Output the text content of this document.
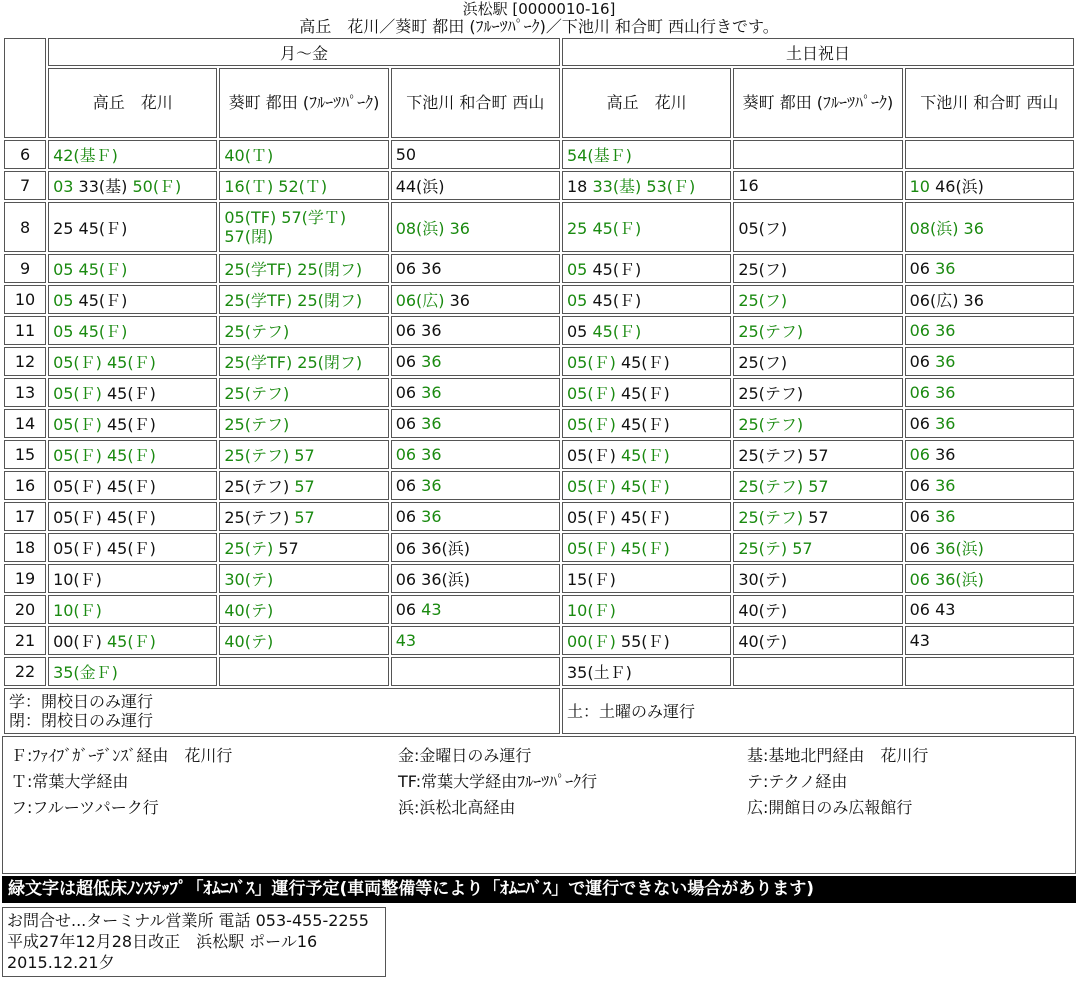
浜松駅 [0000010-16]
高丘　花川／葵町 都田 (ﾌﾙｰﾂﾊﾟｰｸ)／下池川 和合町 西山行きです。
	月～金			土日祝日		
	高丘　花川	葵町 都田 (ﾌﾙｰﾂﾊﾟｰｸ)	下池川 和合町 西山	高丘　花川	葵町 都田 (ﾌﾙｰﾂﾊﾟｰｸ)	下池川 和合町 西山
6	42(基Ｆ)	40(Ｔ)	50	54(基Ｆ)		
7	03 33(基) 50(Ｆ)	16(Ｔ) 52(Ｔ)	44(浜)	18 33(基) 53(Ｆ)	16	10 46(浜)
8	25 45(Ｆ)	05(TF) 57(学Ｔ) 57(閉)	08(浜) 36	25 45(Ｆ)	05(フ)	08(浜) 36
9	05 45(Ｆ)	25(学TF) 25(閉フ)	06 36	05 45(Ｆ)	25(フ)	06 36
10	05 45(Ｆ)	25(学TF) 25(閉フ)	06(広) 36	05 45(Ｆ)	25(フ)	06(広) 36
11	05 45(Ｆ)	25(テフ)	06 36	05 45(Ｆ)	25(テフ)	06 36
12	05(Ｆ) 45(Ｆ)	25(学TF) 25(閉フ)	06 36	05(Ｆ) 45(Ｆ)	25(フ)	06 36
13	05(Ｆ) 45(Ｆ)	25(テフ)	06 36	05(Ｆ) 45(Ｆ)	25(テフ)	06 36
14	05(Ｆ) 45(Ｆ)	25(テフ)	06 36	05(Ｆ) 45(Ｆ)	25(テフ)	06 36
15	05(Ｆ) 45(Ｆ)	25(テフ) 57	06 36	05(Ｆ) 45(Ｆ)	25(テフ) 57	06 36
16	05(Ｆ) 45(Ｆ)	25(テフ) 57	06 36	05(Ｆ) 45(Ｆ)	25(テフ) 57	06 36
17	05(Ｆ) 45(Ｆ)	25(テフ) 57	06 36	05(Ｆ) 45(Ｆ)	25(テフ) 57	06 36
18	05(Ｆ) 45(Ｆ)	25(テ) 57	06 36(浜)	05(Ｆ) 45(Ｆ)	25(テ) 57	06 36(浜)
19	10(Ｆ)	30(テ)	06 36(浜)	15(Ｆ)	30(テ)	06 36(浜)
20	10(Ｆ)	40(テ)	06 43	10(Ｆ)	40(テ)	06 43
21	00(Ｆ) 45(Ｆ)	40(テ)	43	00(Ｆ) 55(Ｆ)	40(テ)	43
22	35(金Ｆ)			35(土Ｆ)		

学：開校日のみ運行
閉：閉校日のみ運行				土：土曜のみ運行		
Ｆ:ﾌｧｲﾌﾞｶﾞｰﾃﾞﾝｽﾞ経由　花川行	金:金曜日のみ運行	基:基地北門経由　花川行
Ｔ:常葉大学経由	TF:常葉大学経由ﾌﾙｰﾂﾊﾟｰｸ行	テ:テクノ経由
フ:フルーツパーク行	浜:浜松北高経由	広:開館日のみ広報館行
緑文字は超低床ﾉﾝｽﾃｯﾌﾟ「ｵﾑﾆﾊﾞｽ」運行予定(車両整備等により「ｵﾑﾆﾊﾞｽ」で運行できない場合があります)
お問合せ...ターミナル営業所 電話 053-455-2255　平成27年12月28日改正　浜松駅 ポール16　2015.12.21夕
